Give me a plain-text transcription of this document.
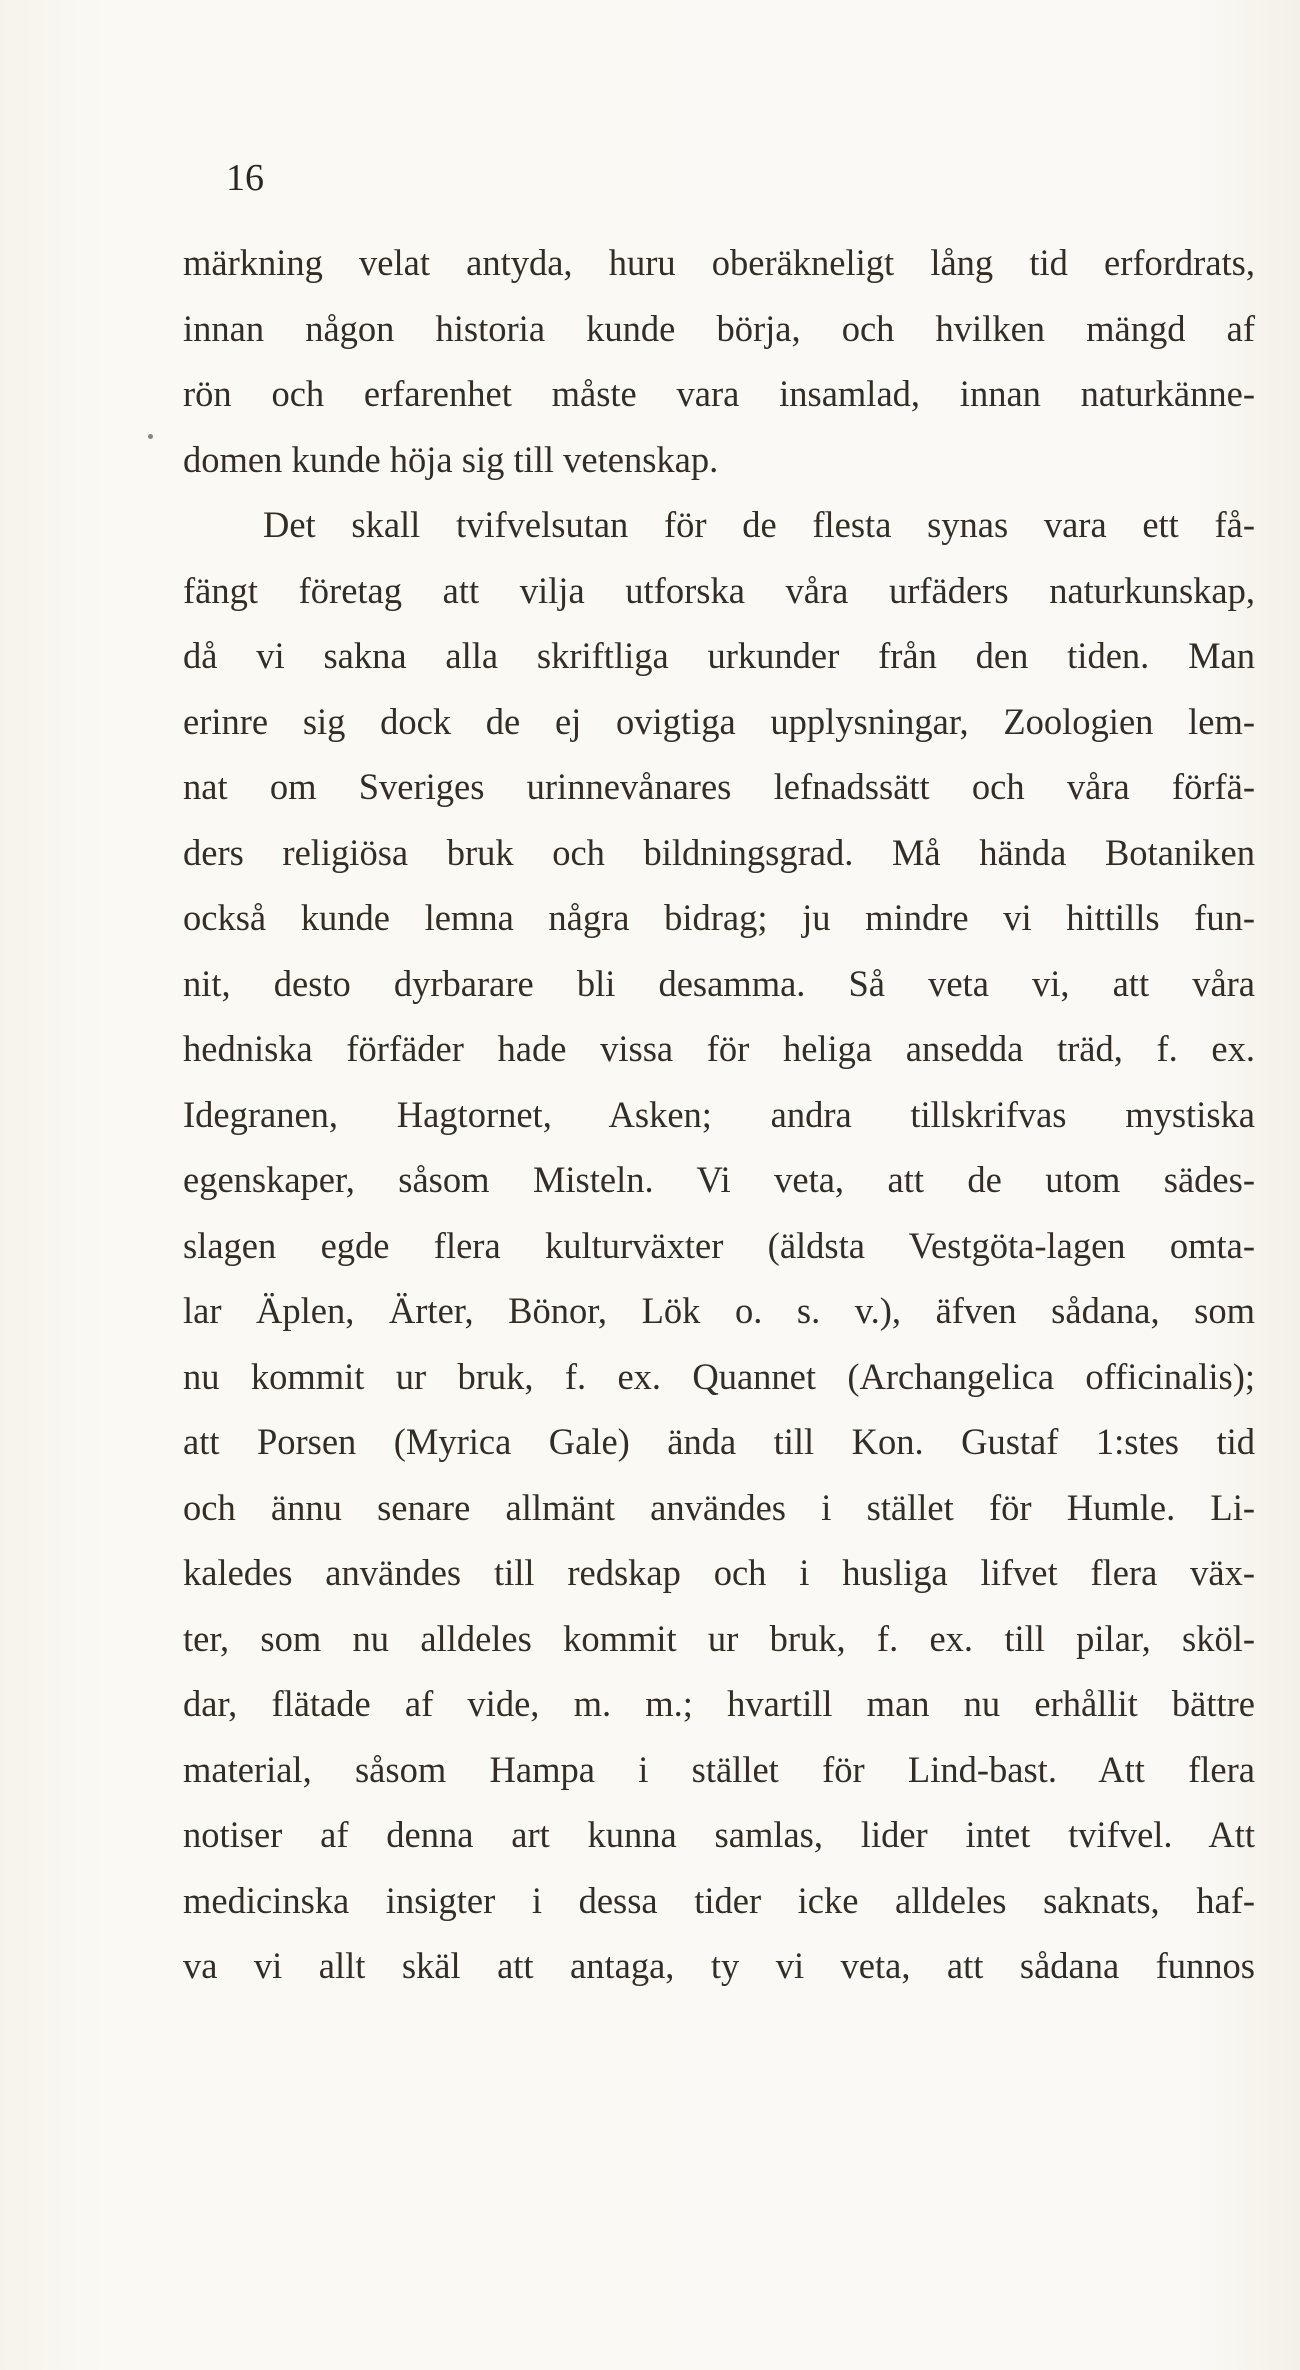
16
märkning velat antyda, huru oberäkneligt lång tid erfordrats,
innan någon historia kunde börja, och hvilken mängd af
rön och erfarenhet måste vara insamlad, innan naturkänne-
domen kunde höja sig till vetenskap.
Det skall tvifvelsutan för de flesta synas vara ett få-
fängt företag att vilja utforska våra urfäders naturkunskap,
då vi sakna alla skriftliga urkunder från den tiden. Man
erinre sig dock de ej ovigtiga upplysningar, Zoologien lem-
nat om Sveriges urinnevånares lefnadssätt och våra förfä-
ders religiösa bruk och bildningsgrad. Må hända Botaniken
också kunde lemna några bidrag; ju mindre vi hittills fun-
nit, desto dyrbarare bli desamma. Så veta vi, att våra
hedniska förfäder hade vissa för heliga ansedda träd, f. ex.
Idegranen, Hagtornet, Asken; andra tillskrifvas mystiska
egenskaper, såsom Misteln. Vi veta, att de utom sädes-
slagen egde flera kulturväxter (äldsta Vestgöta-lagen omta-
lar Äplen, Ärter, Bönor, Lök o. s. v.), äfven sådana, som
nu kommit ur bruk, f. ex. Quannet (Archangelica officinalis);
att Porsen (Myrica Gale) ända till Kon. Gustaf 1:stes tid
och ännu senare allmänt användes i stället för Humle. Li-
kaledes användes till redskap och i husliga lifvet flera väx-
ter, som nu alldeles kommit ur bruk, f. ex. till pilar, sköl-
dar, flätade af vide, m. m.; hvartill man nu erhållit bättre
material, såsom Hampa i stället för Lind-bast. Att flera
notiser af denna art kunna samlas, lider intet tvifvel. Att
medicinska insigter i dessa tider icke alldeles saknats, haf-
va vi allt skäl att antaga, ty vi veta, att sådana funnos
